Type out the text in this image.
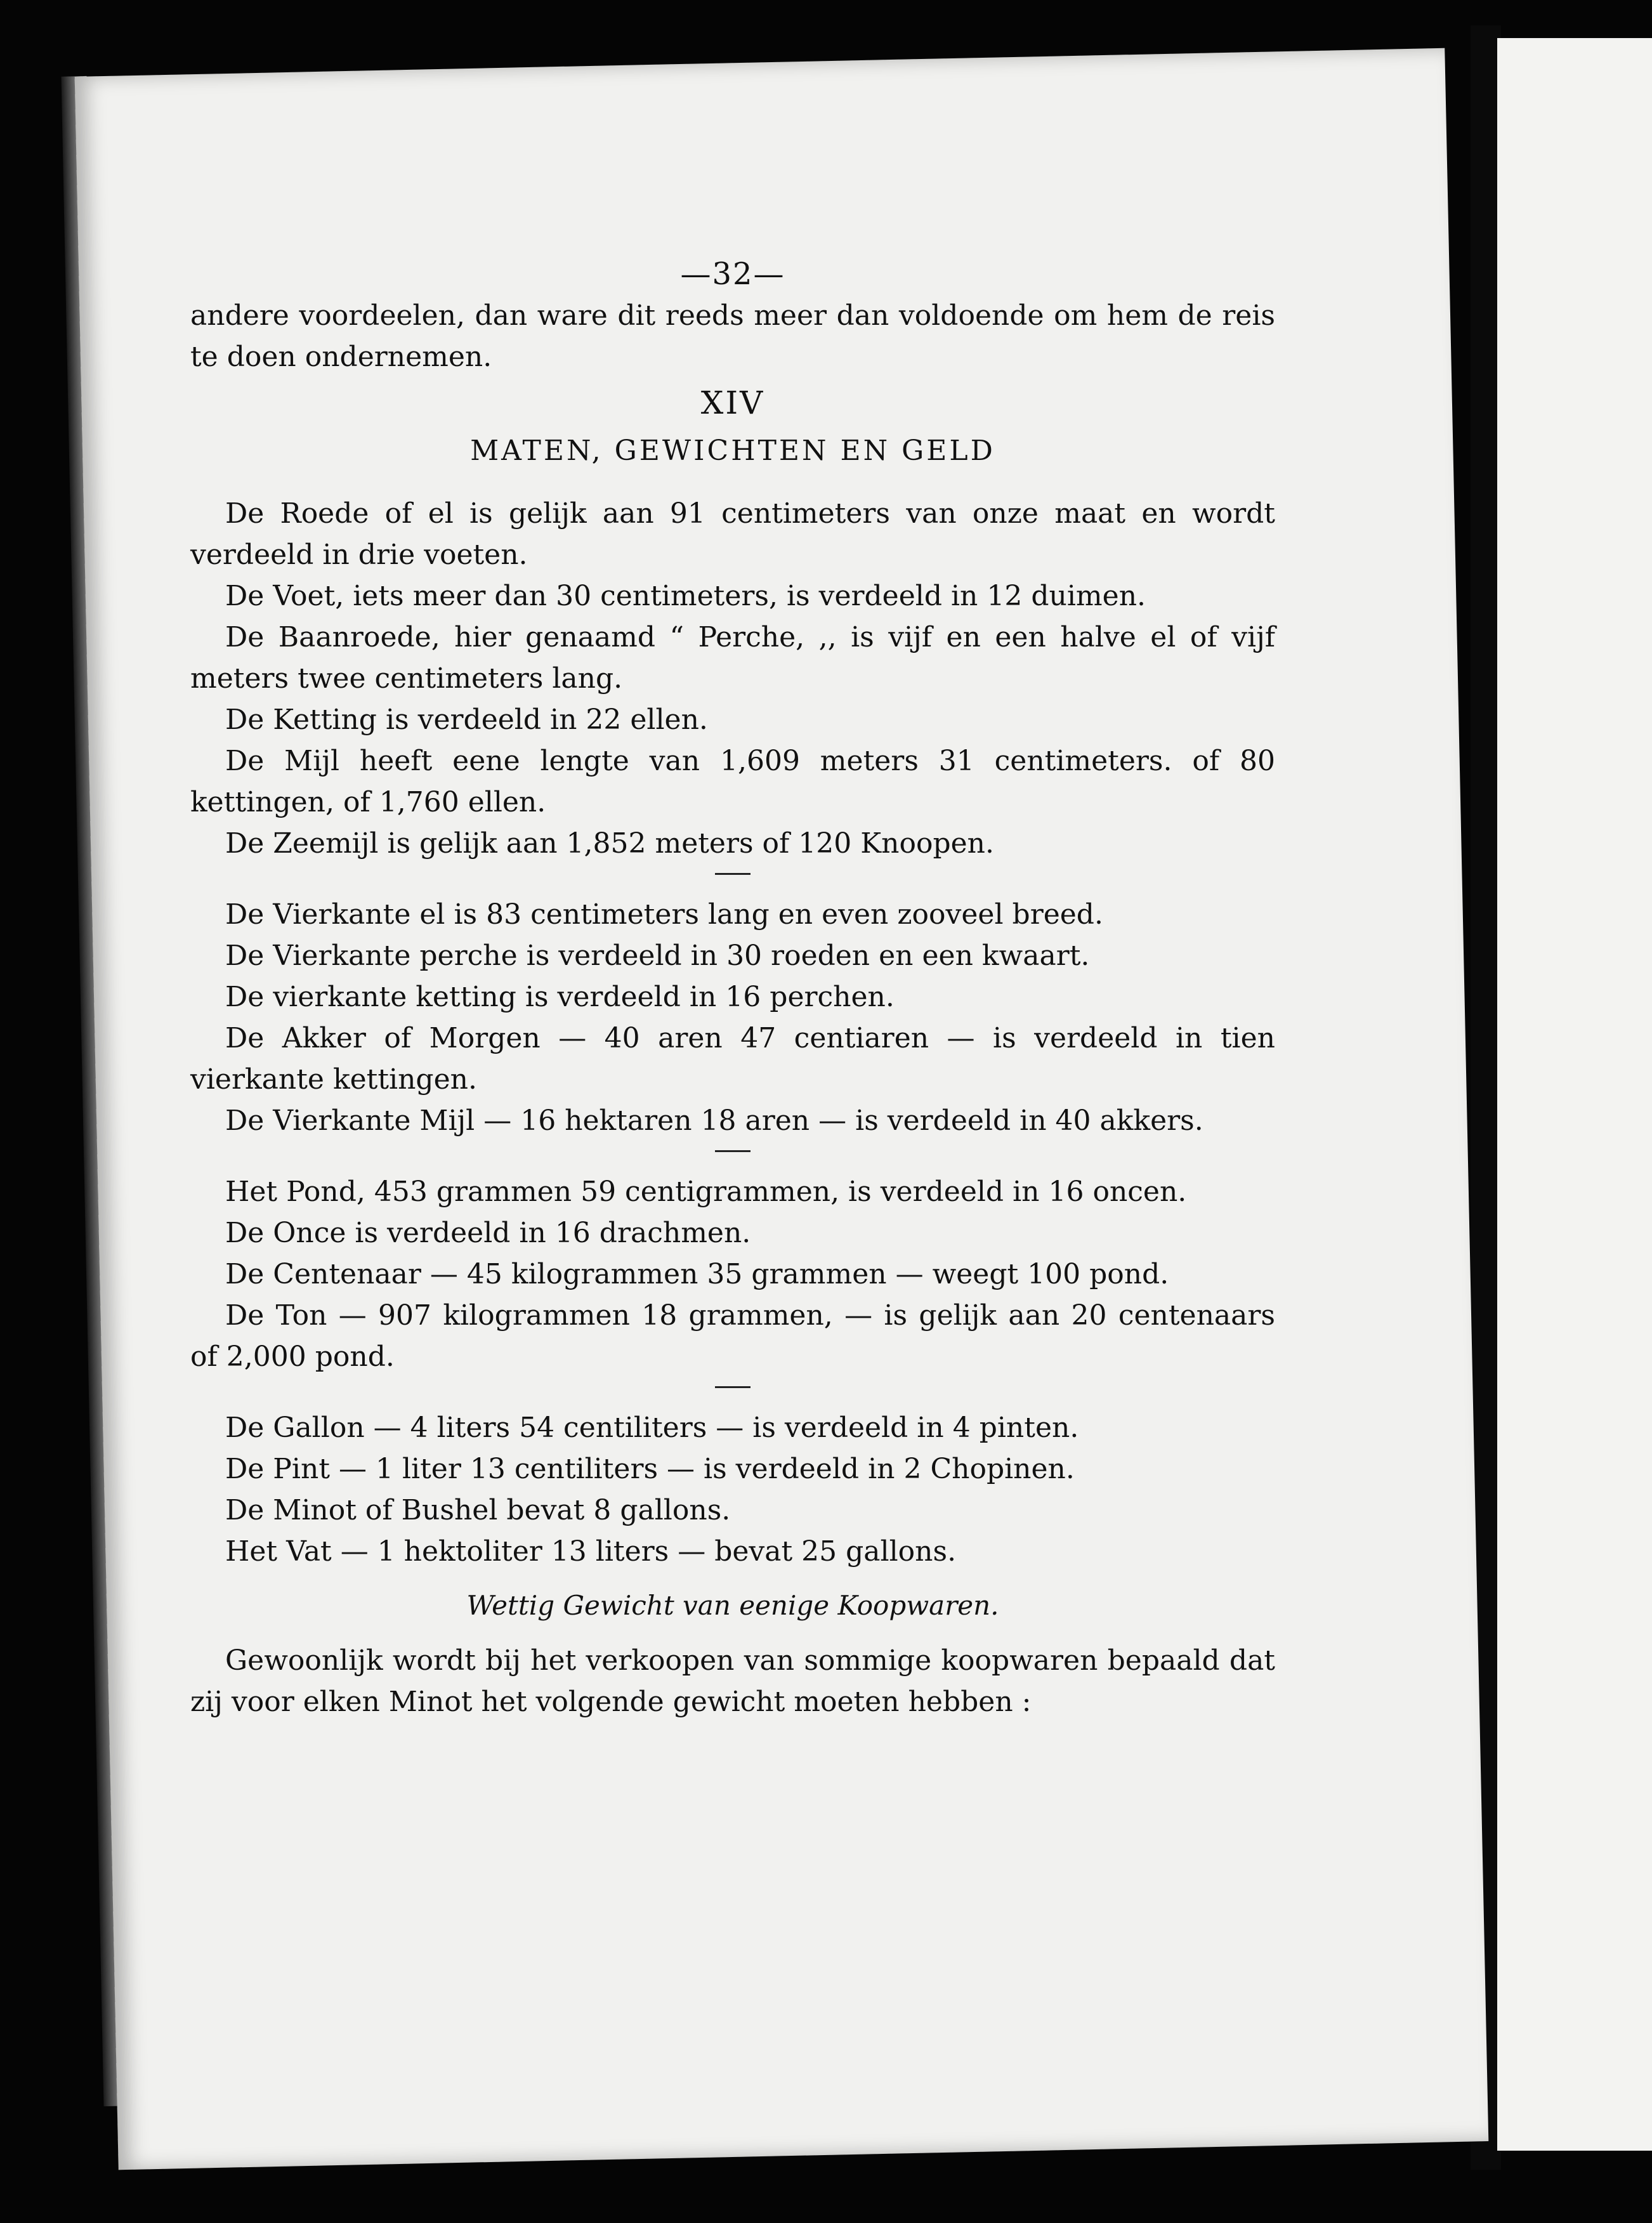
—32—

andere voordeelen, dan ware dit reeds meer dan voldoende om hem de reis te doen ondernemen.

XIV
MATEN, GEWICHTEN EN GELD

De Roede of el is gelijk aan 91 centimeters van onze maat en wordt verdeeld in drie voeten.

De Voet, iets meer dan 30 centimeters, is verdeeld in 12 duimen.

De Baanroede, hier genaamd “ Perche, ,, is vijf en een halve el of vijf meters twee centimeters lang.

De Ketting is verdeeld in 22 ellen.

De Mijl heeft eene lengte van 1,609 meters 31 centimeters. of 80 kettingen, of 1,760 ellen.

De Zeemijl is gelijk aan 1,852 meters of 120 Knoopen.

De Vierkante el is 83 centimeters lang en even zooveel breed.

De Vierkante perche is verdeeld in 30 roeden en een kwaart.

De vierkante ketting is verdeeld in 16 perchen.

De Akker of Morgen — 40 aren 47 centiaren — is verdeeld in tien vierkante kettingen.

De Vierkante Mijl — 16 hektaren 18 aren — is verdeeld in 40 akkers.

Het Pond, 453 grammen 59 centigrammen, is verdeeld in 16 oncen.

De Once is verdeeld in 16 drachmen.

De Centenaar — 45 kilogrammen 35 grammen — weegt 100 pond.

De Ton — 907 kilogrammen 18 grammen, — is gelijk aan 20 centenaars of 2,000 pond.

De Gallon — 4 liters 54 centiliters — is verdeeld in 4 pinten.

De Pint — 1 liter 13 centiliters — is verdeeld in 2 Chopinen.

De Minot of Bushel bevat 8 gallons.

Het Vat — 1 hektoliter 13 liters — bevat 25 gallons.

Wettig Gewicht van eenige Koopwaren.

Gewoonlijk wordt bij het verkoopen van sommige koopwaren bepaald dat zij voor elken Minot het volgende gewicht moeten hebben :
